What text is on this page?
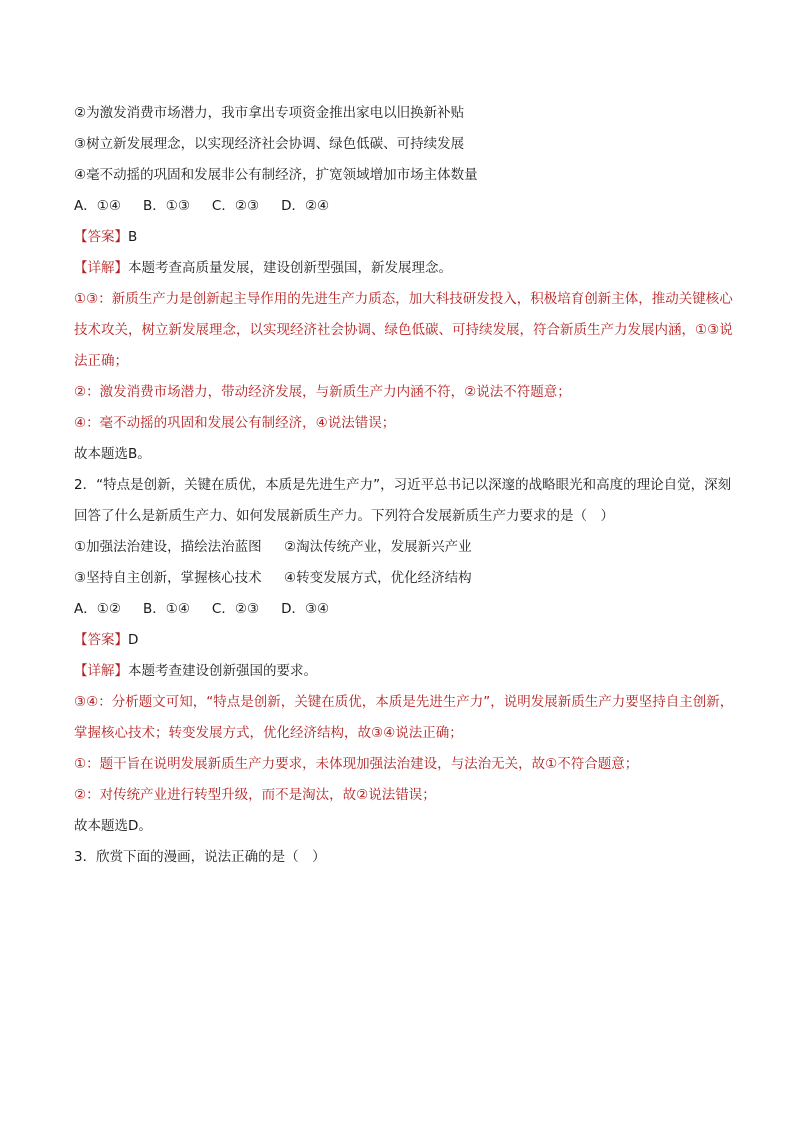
②为激发消费市场潜力，我市拿出专项资金推出家电以旧换新补贴
③树立新发展理念，以实现经济社会协调、绿色低碳、可持续发展
④毫不动摇的巩固和发展非公有制经济，扩宽领域增加市场主体数量
A．①④ B．①③ C．②③ D．②④
【答案】B
【详解】本题考查高质量发展，建设创新型强国，新发展理念。
①③：新质生产力是创新起主导作用的先进生产力质态，加大科技研发投入，积极培育创新主体，推动关键核心技术攻关，树立新发展理念，以实现经济社会协调、绿色低碳、可持续发展，符合新质生产力发展内涵，①③说法正确；
②：激发消费市场潜力，带动经济发展，与新质生产力内涵不符，②说法不符题意；
④：毫不动摇的巩固和发展公有制经济，④说法错误；
故本题选B。
2．“特点是创新，关键在质优，本质是先进生产力”，习近平总书记以深邃的战略眼光和高度的理论自觉，深刻回答了什么是新质生产力、如何发展新质生产力。下列符合发展新质生产力要求的是（　）
①加强法治建设，描绘法治蓝图 ②淘汰传统产业，发展新兴产业
③坚持自主创新，掌握核心技术 ④转变发展方式，优化经济结构
A．①② B．①④ C．②③ D．③④
【答案】D
【详解】本题考查建设创新强国的要求。
③④：分析题文可知，“特点是创新，关键在质优，本质是先进生产力”，说明发展新质生产力要坚持自主创新，掌握核心技术；转变发展方式，优化经济结构，故③④说法正确；
①：题干旨在说明发展新质生产力要求，未体现加强法治建设，与法治无关，故①不符合题意；
②：对传统产业进行转型升级，而不是淘汰，故②说法错误；
故本题选D。
3．欣赏下面的漫画，说法正确的是（　）
